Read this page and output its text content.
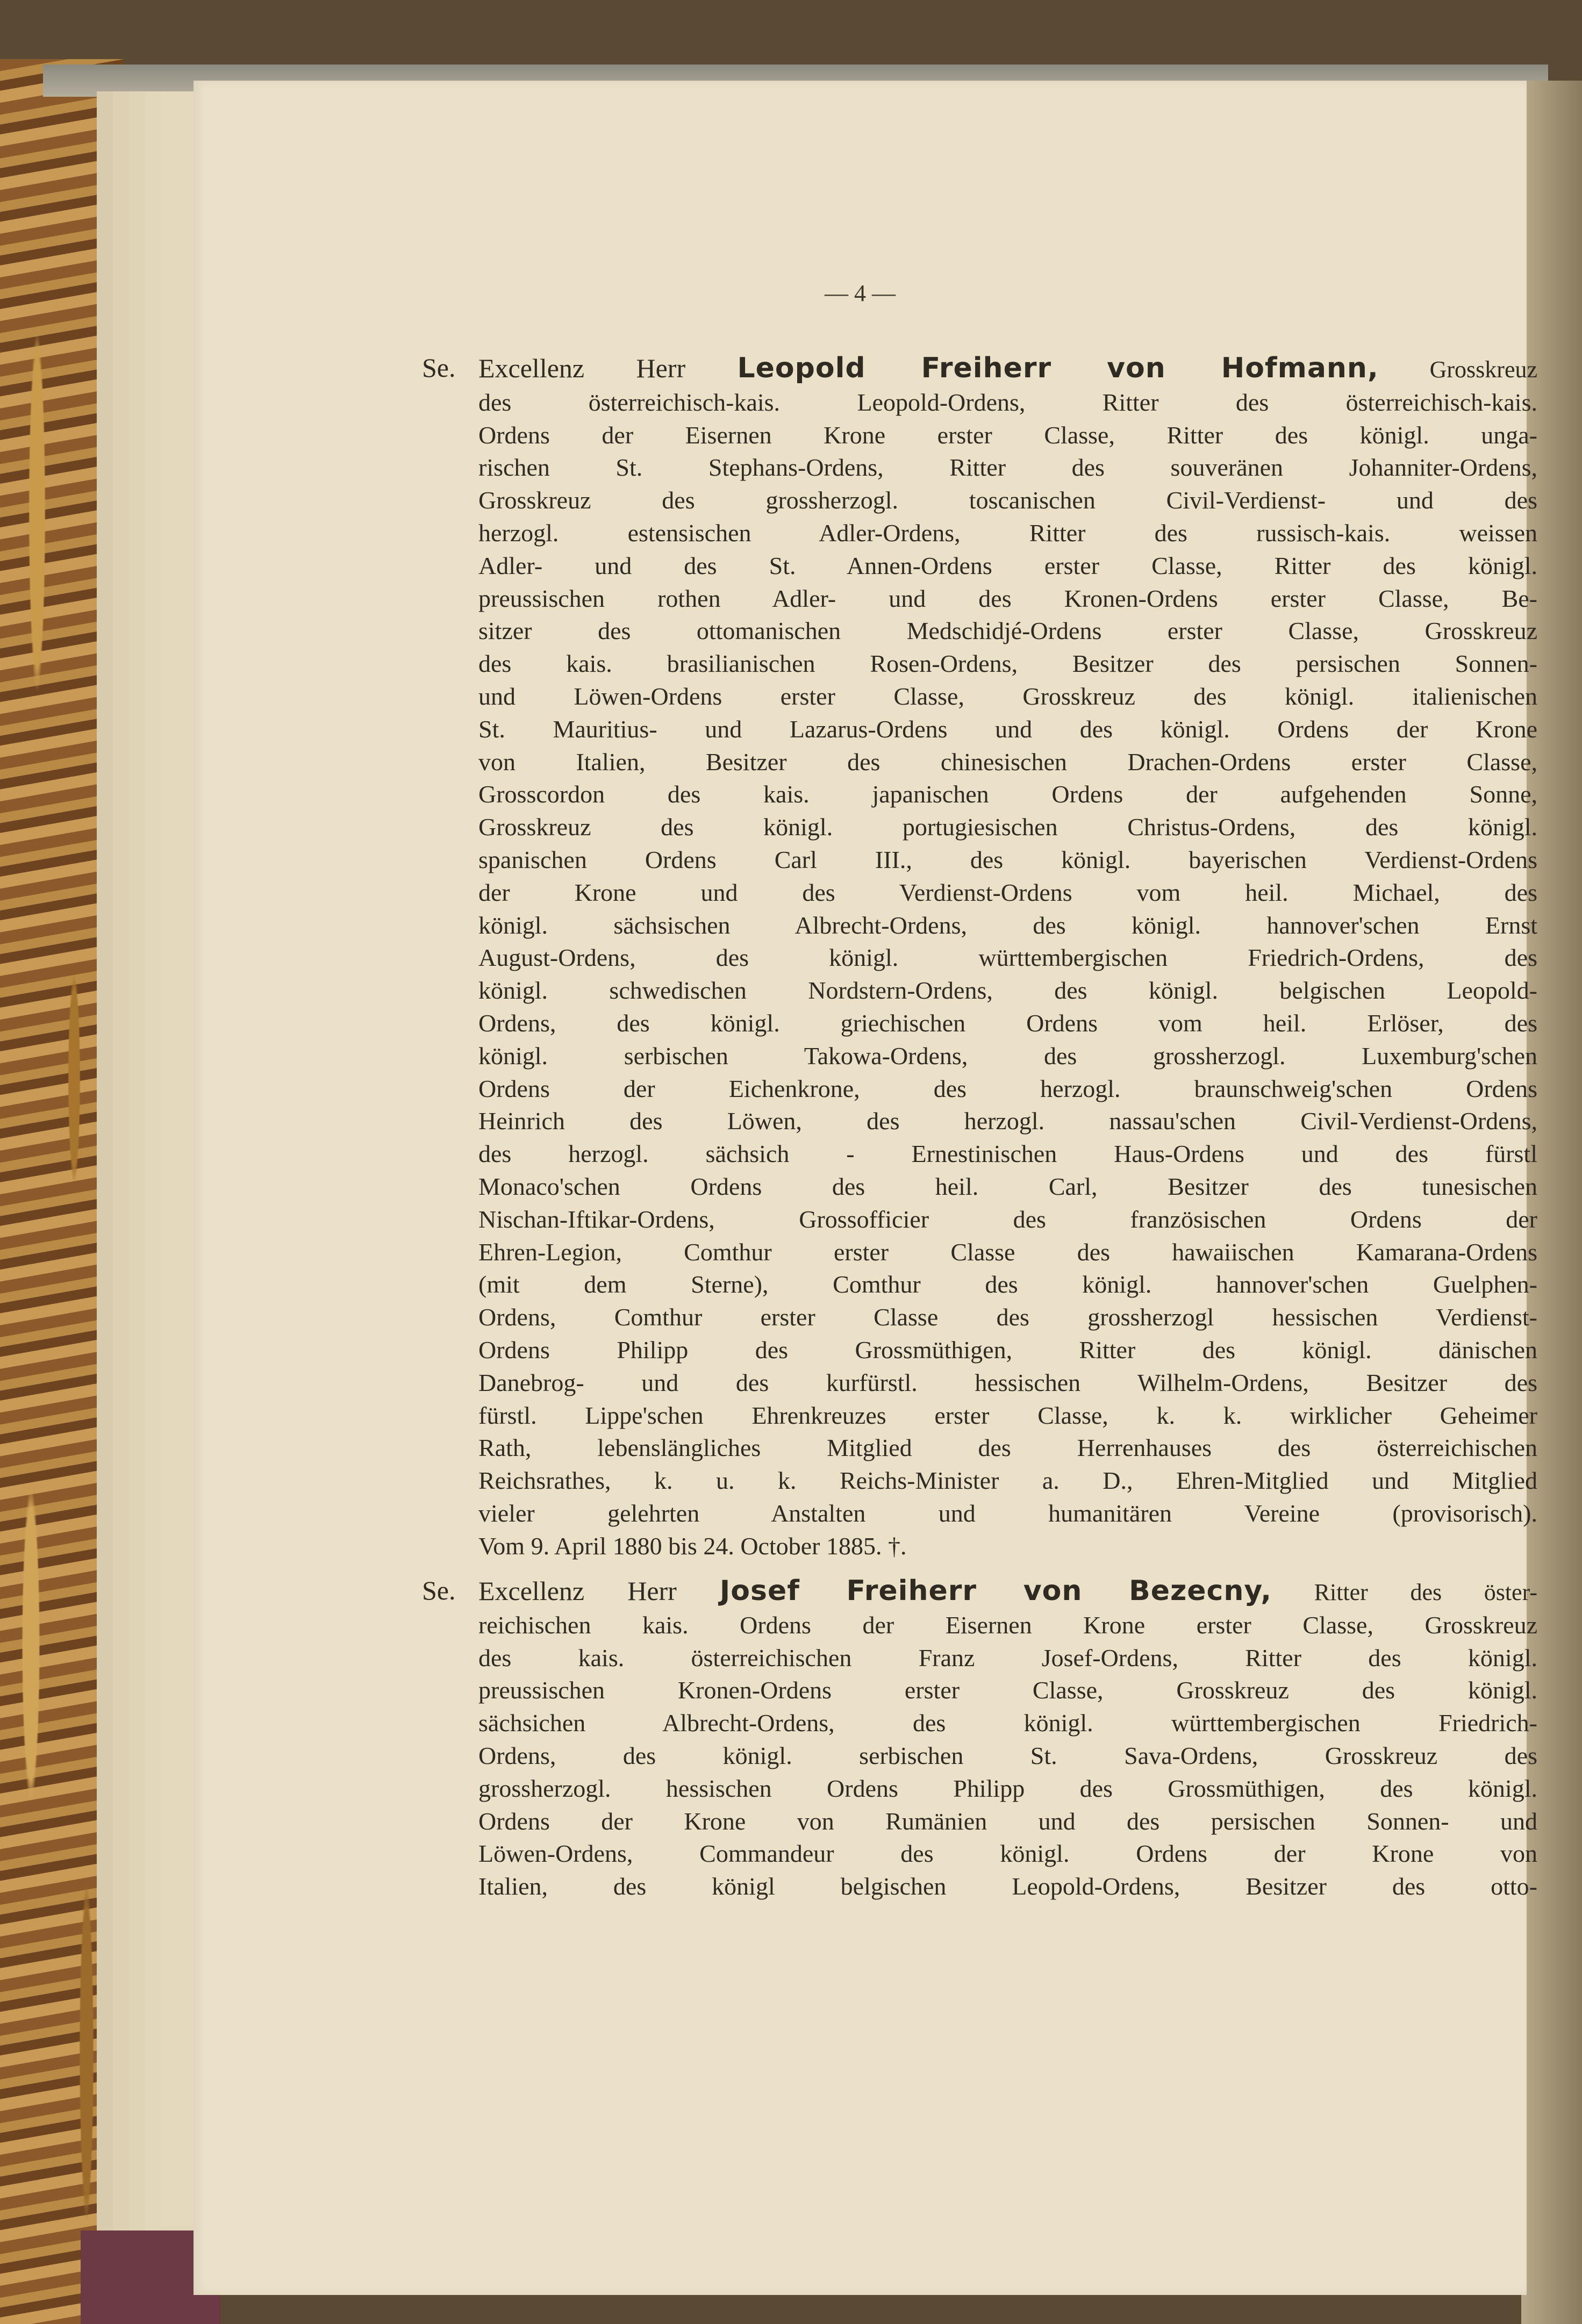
— 4 —
Se. Excellenz Herr Leopold Freiherr von Hofmann, Grosskreuz
des österreichisch-kais. Leopold-Ordens, Ritter des österreichisch-kais.
Ordens der Eisernen Krone erster Classe, Ritter des königl. unga-
rischen St. Stephans-Ordens, Ritter des souveränen Johanniter-Ordens,
Grosskreuz des grossherzogl. toscanischen Civil-Verdienst- und des
herzogl. estensischen Adler-Ordens, Ritter des russisch-kais. weissen
Adler- und des St. Annen-Ordens erster Classe, Ritter des königl.
preussischen rothen Adler- und des Kronen-Ordens erster Classe, Be-
sitzer des ottomanischen Medschidjé-Ordens erster Classe, Grosskreuz
des kais. brasilianischen Rosen-Ordens, Besitzer des persischen Sonnen-
und Löwen-Ordens erster Classe, Grosskreuz des königl. italienischen
St. Mauritius- und Lazarus-Ordens und des königl. Ordens der Krone
von Italien, Besitzer des chinesischen Drachen-Ordens erster Classe,
Grosscordon des kais. japanischen Ordens der aufgehenden Sonne,
Grosskreuz des königl. portugiesischen Christus-Ordens, des königl.
spanischen Ordens Carl III., des königl. bayerischen Verdienst-Ordens
der Krone und des Verdienst-Ordens vom heil. Michael, des
königl. sächsischen Albrecht-Ordens, des königl. hannover'schen Ernst
August-Ordens, des königl. württembergischen Friedrich-Ordens, des
königl. schwedischen Nordstern-Ordens, des königl. belgischen Leopold-
Ordens, des königl. griechischen Ordens vom heil. Erlöser, des
königl. serbischen Takowa-Ordens, des grossherzogl. Luxemburg'schen
Ordens der Eichenkrone, des herzogl. braunschweig'schen Ordens
Heinrich des Löwen, des herzogl. nassau'schen Civil-Verdienst-Ordens,
des herzogl. sächsich - Ernestinischen Haus-Ordens und des fürstl
Monaco'schen Ordens des heil. Carl, Besitzer des tunesischen
Nischan-Iftikar-Ordens, Grossofficier des französischen Ordens der
Ehren-Legion, Comthur erster Classe des hawaiischen Kamarana-Ordens
(mit dem Sterne), Comthur des königl. hannover'schen Guelphen-
Ordens, Comthur erster Classe des grossherzogl hessischen Verdienst-
Ordens Philipp des Grossmüthigen, Ritter des königl. dänischen
Danebrog- und des kurfürstl. hessischen Wilhelm-Ordens, Besitzer des
fürstl. Lippe'schen Ehrenkreuzes erster Classe, k. k. wirklicher Geheimer
Rath, lebenslängliches Mitglied des Herrenhauses des österreichischen
Reichsrathes, k. u. k. Reichs-Minister a. D., Ehren-Mitglied und Mitglied
vieler gelehrten Anstalten und humanitären Vereine (provisorisch).
Vom 9. April 1880 bis 24. October 1885. †.
Se. Excellenz Herr Josef Freiherr von Bezecny, Ritter des öster-
reichischen kais. Ordens der Eisernen Krone erster Classe, Grosskreuz
des kais. österreichischen Franz Josef-Ordens, Ritter des königl.
preussischen Kronen-Ordens erster Classe, Grosskreuz des königl.
sächsichen Albrecht-Ordens, des königl. württembergischen Friedrich-
Ordens, des königl. serbischen St. Sava-Ordens, Grosskreuz des
grossherzogl. hessischen Ordens Philipp des Grossmüthigen, des königl.
Ordens der Krone von Rumänien und des persischen Sonnen- und
Löwen-Ordens, Commandeur des königl. Ordens der Krone von
Italien, des königl belgischen Leopold-Ordens, Besitzer des otto-
